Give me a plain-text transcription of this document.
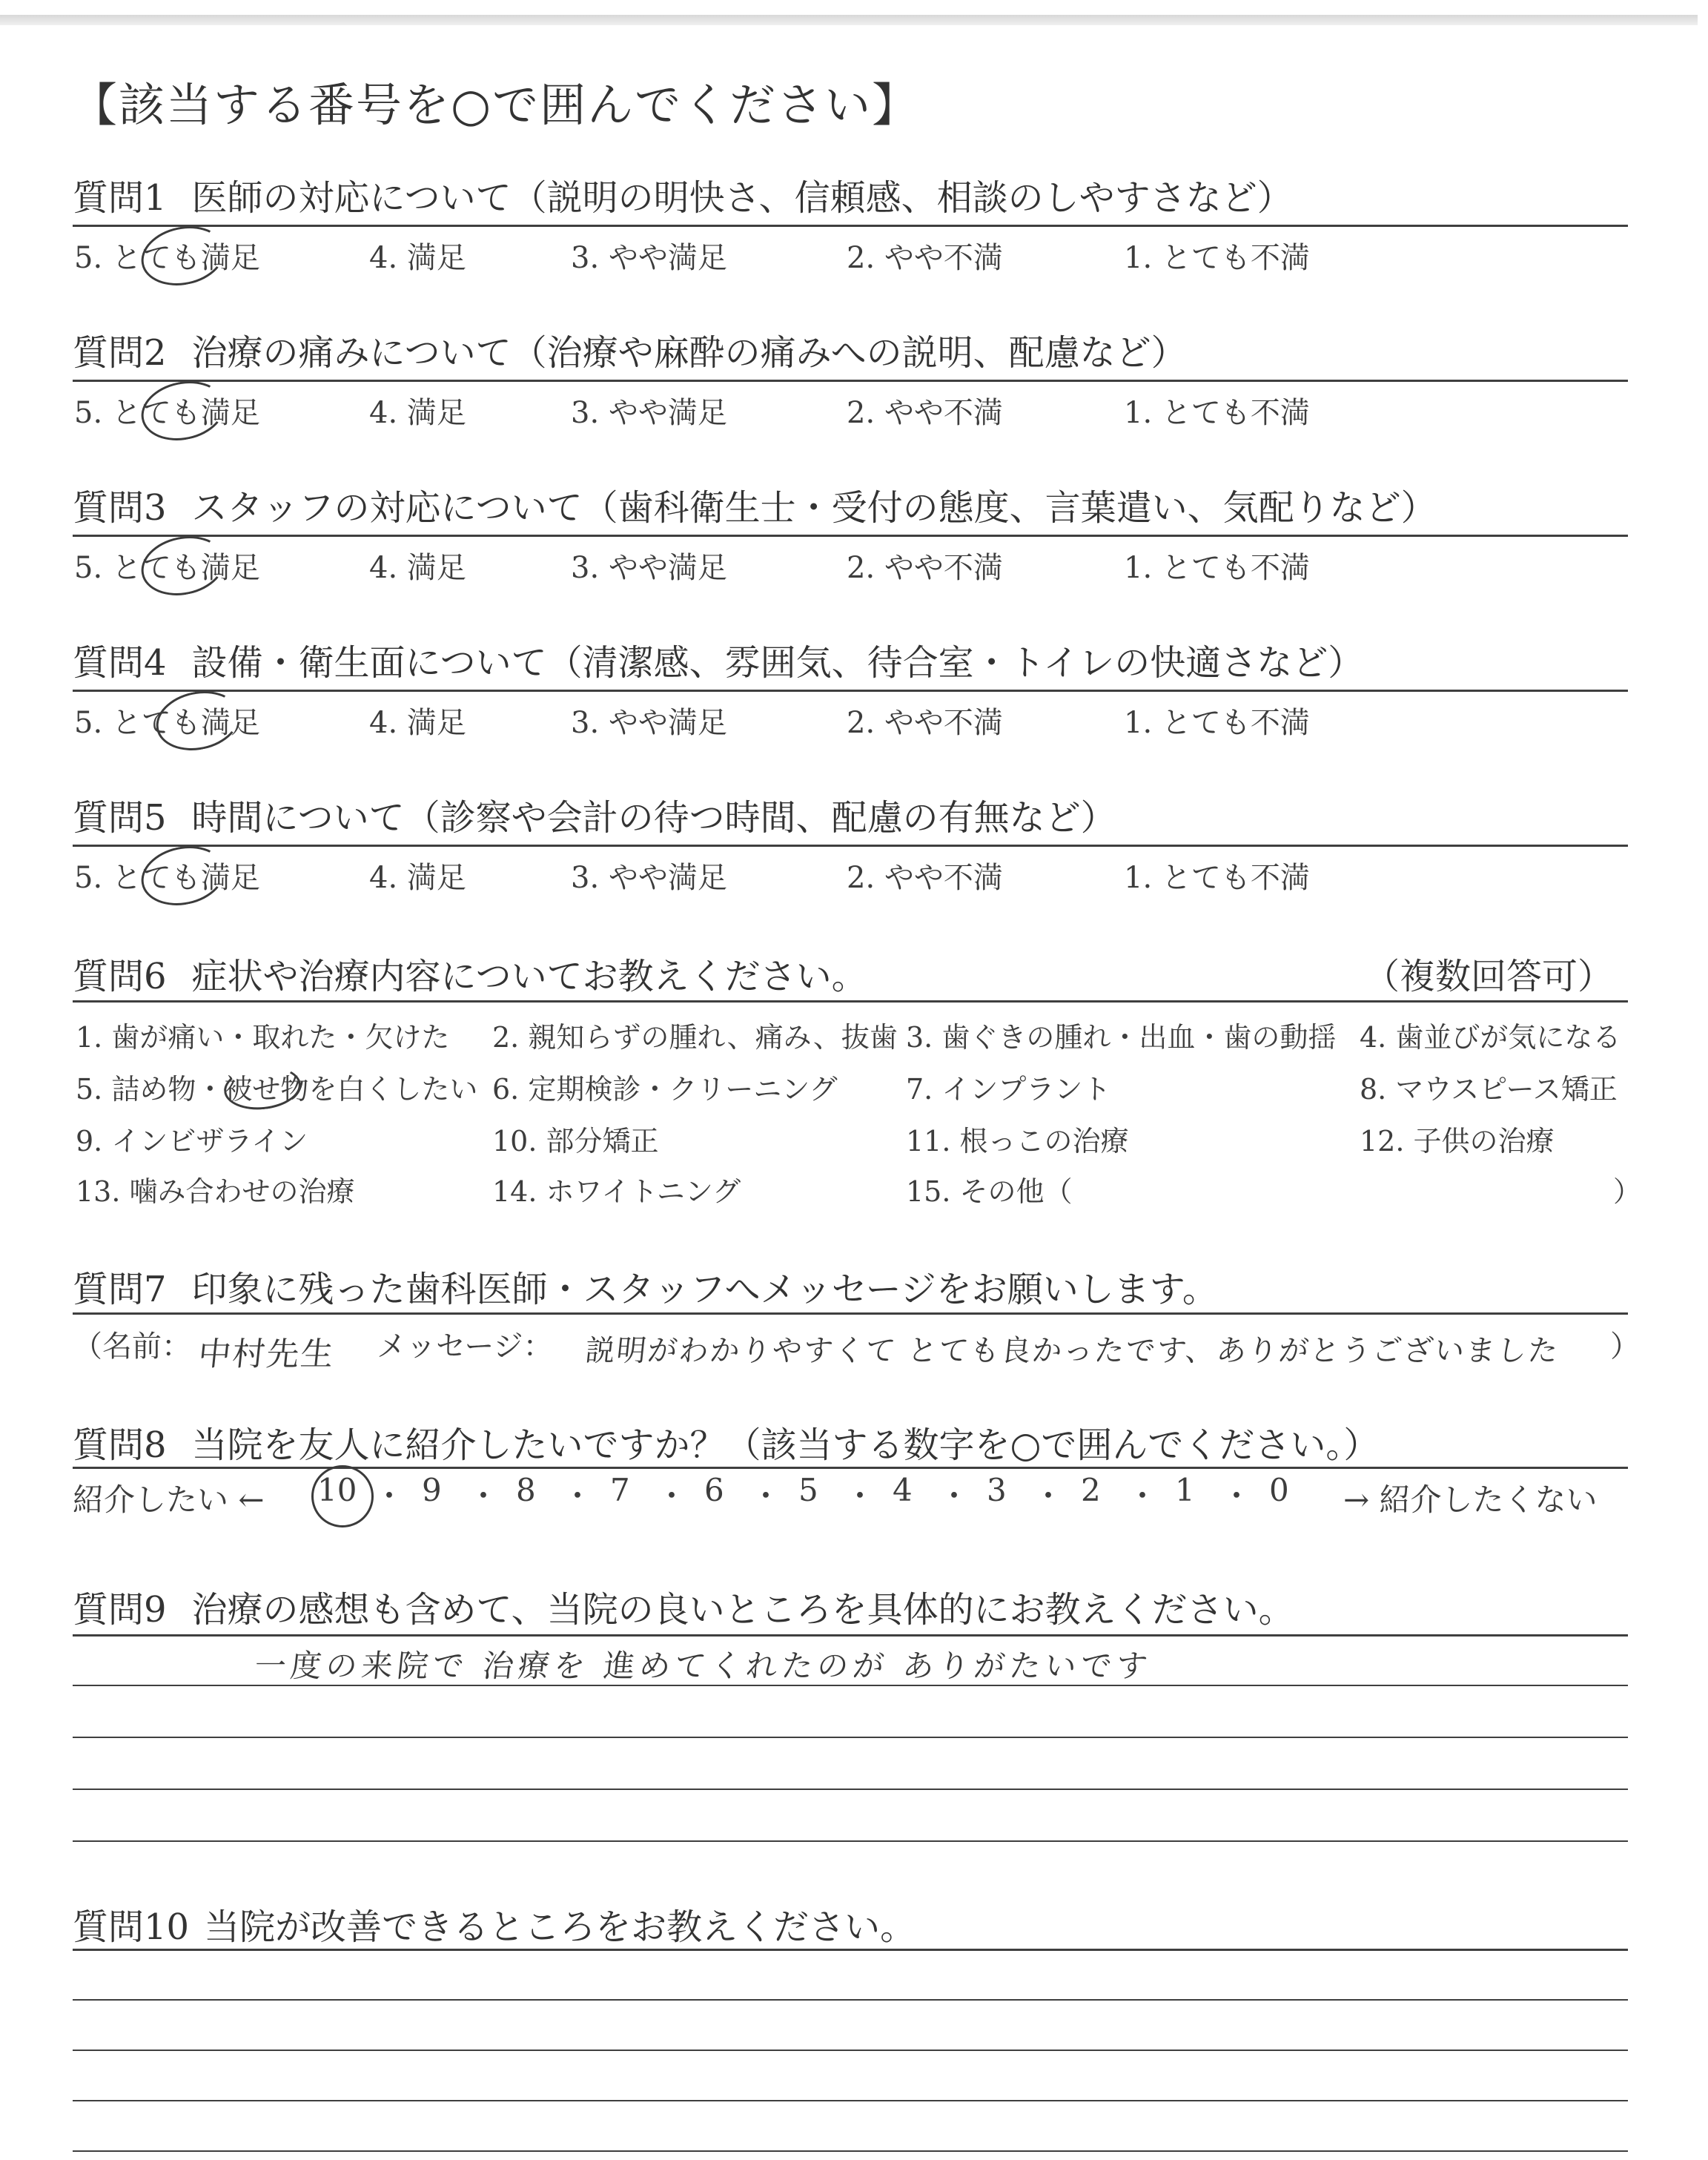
【該当する番号を○で囲んでください】
質問1 医師の対応について（説明の明快さ、信頼感、相談のしやすさなど）
5. とても満足	4. 満足	3. やや満足	2. やや不満	1. とても不満
質問2 治療の痛みについて（治療や麻酔の痛みへの説明、配慮など）
5. とても満足	4. 満足	3. やや満足	2. やや不満	1. とても不満
質問3 スタッフの対応について（歯科衛生士・受付の態度、言葉遣い、気配りなど）
5. とても満足	4. 満足	3. やや満足	2. やや不満	1. とても不満
質問4 設備・衛生面について（清潔感、雰囲気、待合室・トイレの快適さなど）
5. とても満足	4. 満足	3. やや満足	2. やや不満	1. とても不満
質問5 時間について（診察や会計の待つ時間、配慮の有無など）
5. とても満足	4. 満足	3. やや満足	2. やや不満	1. とても不満
質問6 症状や治療内容についてお教えください。	（複数回答可）
1. 歯が痛い・取れた・欠けた 2. 親知らずの腫れ、痛み、抜歯 3. 歯ぐきの腫れ・出血・歯の動揺 4. 歯並びが気になる
5. 詰め物・被せ物を白くしたい 6. 定期検診・クリーニング 7. インプラント	8. マウスピース矯正
9. インビザライン	10. 部分矯正	11. 根っこの治療	12. 子供の治療
13. 噛み合わせの治療	14. ホワイトニング	15. その他（	）
質問7 印象に残った歯科医師・スタッフへメッセージをお願いします。
（名前： 中村先生 メッセージ： 説明がわかりやすくて とても良かったです、ありがとうございました ）
質問8 当院を友人に紹介したいですか？（該当する数字を○で囲んでください。）
紹介したい ← 10 ・ 9 ・ 8 ・ 7 ・ 6 ・ 5 ・ 4 ・ 3 ・ 2 ・ 1 ・ 0 → 紹介したくない
質問9 治療の感想も含めて、当院の良いところを具体的にお教えください。
一度の来院で 治療を 進めてくれたのが ありがたいです
質問10 当院が改善できるところをお教えください。
